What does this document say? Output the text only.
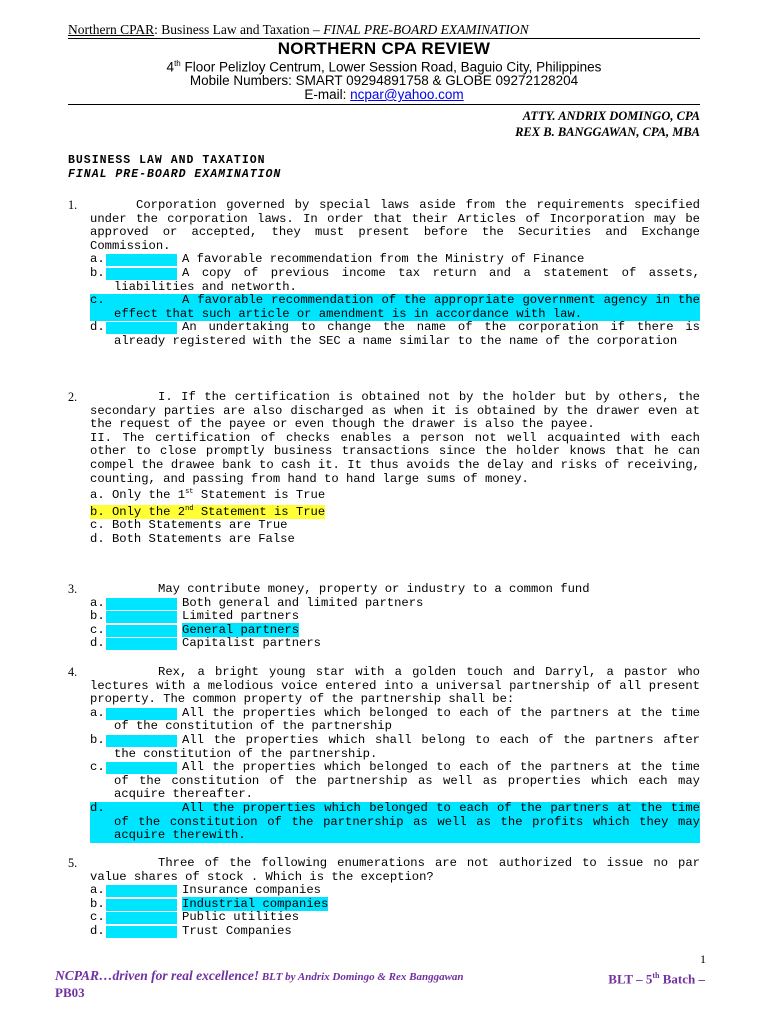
Northern CPAR: Business Law and Taxation – FINAL PRE-BOARD EXAMINATION
NORTHERN CPA REVIEW
4th Floor Pelizloy Centrum, Lower Session Road, Baguio City, Philippines
Mobile Numbers: SMART 09294891758 & GLOBE 09272128204
E-mail: ncpar@yahoo.com
ATTY. ANDRIX DOMINGO, CPA
REX B. BANGGAWAN, CPA, MBA
BUSINESS LAW AND TAXATION
FINAL PRE-BOARD EXAMINATION
1.	Corporation governed by special laws aside from the requirements specified under the corporation laws. In order that their Articles of Incorporation may be approved or accepted, they must present before the Securities and Exchange Commission.
a.	A favorable recommendation from the Ministry of Finance
b.	A copy of previous income tax return and a statement of assets, liabilities and networth.
c.	A favorable recommendation of the appropriate government agency in the effect that such article or amendment is in accordance with law.
d.	An undertaking to change the name of the corporation if there is already registered with the SEC a name similar to the name of the corporation
2.	I. If the certification is obtained not by the holder but by others, the secondary parties are also discharged as when it is obtained by the drawer even at the request of the payee or even though the drawer is also the payee.
II. The certification of checks enables a person not well acquainted with each other to close promptly business transactions since the holder knows that he can compel the drawee bank to cash it. It thus avoids the delay and risks of receiving, counting, and passing from hand to hand large sums of money.
a. Only the 1st Statement is True
b. Only the 2nd Statement is True
c. Both Statements are True
d. Both Statements are False
3.	May contribute money, property or industry to a common fund
a.	Both general and limited partners
b.	Limited partners
c.	General partners
d.	Capitalist partners
4.	Rex, a bright young star with a golden touch and Darryl, a pastor who lectures with a melodious voice entered into a universal partnership of all present property. The common property of the partnership shall be:
a.	All the properties which belonged to each of the partners at the time of the constitution of the partnership
b.	All the properties which shall belong to each of the partners after the constitution of the partnership.
c.	All the properties which belonged to each of the partners at the time of the constitution of the partnership as well as properties which each may acquire thereafter.
d.	All the properties which belonged to each of the partners at the time of the constitution of the partnership as well as the profits which they may acquire therewith.
5.	Three of the following enumerations are not authorized to issue no par value shares of stock . Which is the exception?
a.	Insurance companies
b.	Industrial companies
c.	Public utilities
d.	Trust Companies
1
NCPAR…driven for real excellence! BLT by Andrix Domingo & Rex Banggawan	BLT – 5th Batch –
PB03
